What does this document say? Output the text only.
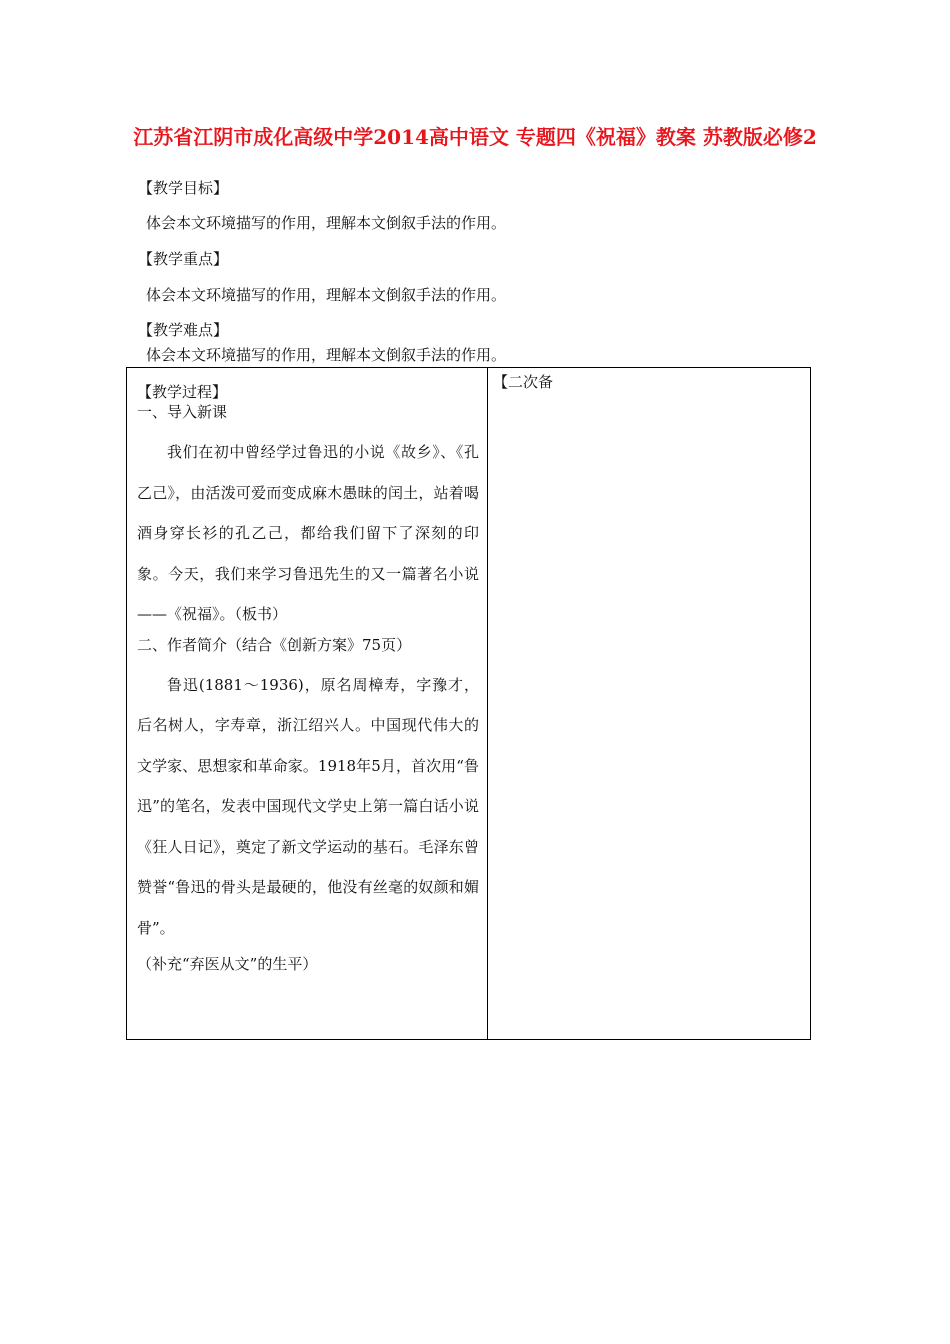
江苏省江阴市成化高级中学2014高中语文 专题四《祝福》教案 苏教版必修2
【教学目标】
体会本文环境描写的作用，理解本文倒叙手法的作用。
【教学重点】
体会本文环境描写的作用，理解本文倒叙手法的作用。
【教学难点】
体会本文环境描写的作用，理解本文倒叙手法的作用。
【教学过程】
一、导入新课
我们在初中曾经学过鲁迅的小说《故乡》、《孔乙己》，由活泼可爱而变成麻木愚昧的闰土，站着喝酒身穿长衫的孔乙己，都给我们留下了深刻的印象。今天，我们来学习鲁迅先生的又一篇著名小说——《祝福》。（板书）
二、作者简介（结合《创新方案》75页）
鲁迅(1881～1936)，原名周樟寿，字豫才，后名树人，字寿章，浙江绍兴人。中国现代伟大的文学家、思想家和革命家。1918年5月，首次用“鲁迅”的笔名，发表中国现代文学史上第一篇白话小说《狂人日记》，奠定了新文学运动的基石。毛泽东曾赞誉“鲁迅的骨头是最硬的，他没有丝毫的奴颜和媚骨”。
（补充“弃医从文”的生平）
【二次备
